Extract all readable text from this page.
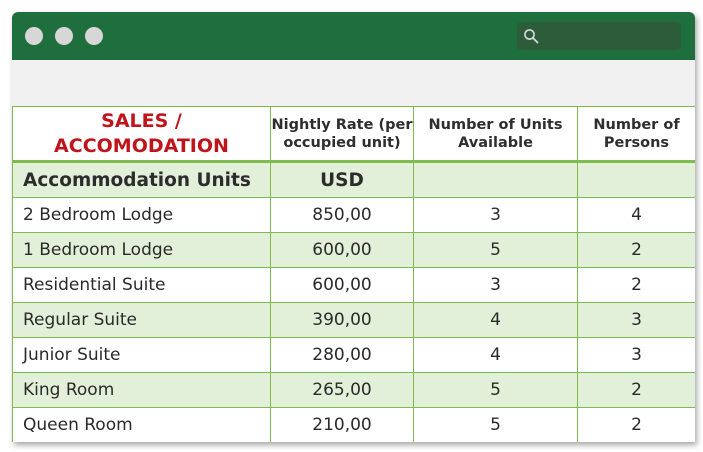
SALES / ACCOMODATION	Nightly Rate (per occupied unit)	Number of Units Available	Number of Persons
Accommodation Units	USD		
2 Bedroom Lodge	850,00	3	4
1 Bedroom Lodge	600,00	5	2
Residential Suite	600,00	3	2
Regular Suite	390,00	4	3
Junior Suite	280,00	4	3
King Room	265,00	5	2
Queen Room	210,00	5	2
